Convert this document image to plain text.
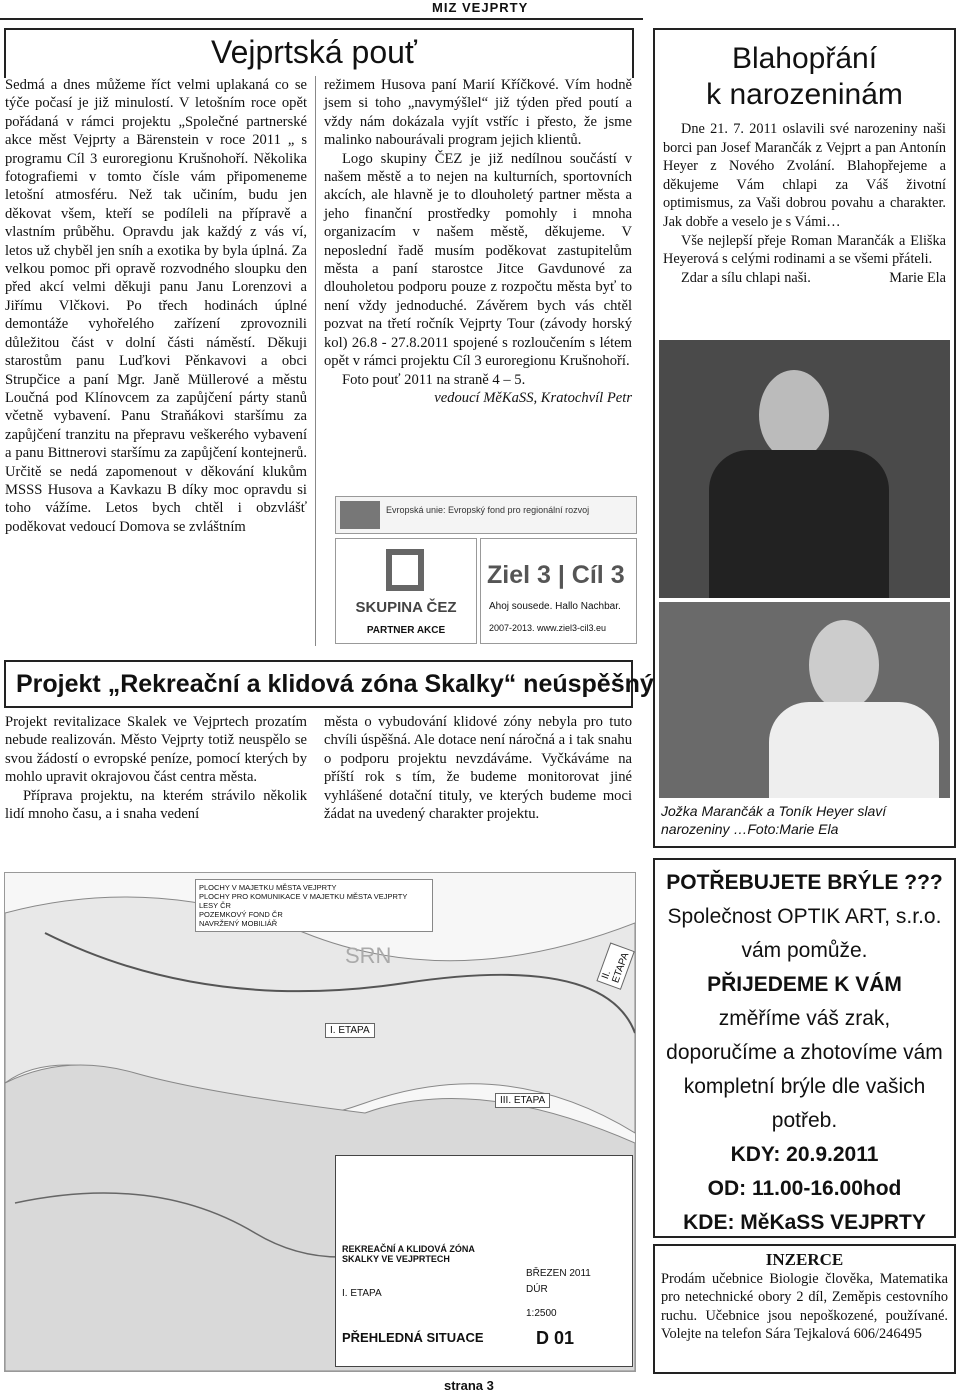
MIZ VEJPRTY
Vejprtská pouť

Sedmá a dnes můžeme říct velmi uplakaná co se týče počasí je již minulostí. V letošním roce opět pořádaná v rámci projektu „Společné partnerské akce měst Vejprty a Bärenstein v roce 2011 „ s programu Cíl 3 euroregionu Krušnohoří. Několika fotografiemi v tomto čísle vám připomeneme letošní atmosféru. Než tak učiním, budu jen děkovat všem, kteří se podíleli na přípravě a vlastním průběhu. Opravdu jak každý z vás ví, letos už chyběl jen sníh a exotika by byla úplná. Za velkou pomoc při opravě rozvodného sloupku den před akcí velmi děkuji panu Janu Lorenzovi a Jiřímu Vlčkovi. Po třech hodinách úplné demontáže vyhořelého zařízení zprovoznili důležitou část v dolní části náměstí. Děkuji starostům panu Luďkovi Pěnkavovi a obci Strupčice a paní Mgr. Janě Müllerové a městu Loučná pod Klínovcem za zapůjčení párty stanů včetně vybavení. Panu Straňákovi staršímu za zapůjčení tranzitu na přepravu veškerého vybavení a panu Bittnerovi staršímu za zapůjčení kontejnerů. Určitě se nedá zapomenout v děkování klukům MSSS Husova a Kavkazu B díky moc opravdu si toho vážíme. Letos bych chtěl i obzvlášť poděkovat vedoucí Domova se zvláštním

režimem Husova paní Marií Kříčkové. Vím hodně jsem si toho „navymýšlel“ již týden před poutí a vždy nám dokázala vyjít vstříc i přesto, že jsme malinko nabourávali program jejich klientů.

Logo skupiny ČEZ je již nedílnou součástí v našem městě a to nejen na kulturních, sportovních akcích, ale hlavně je to dlouholetý partner města a jeho finanční prostředky pomohly i mnoha organizacím v našem městě, děkujeme. V neposlední řadě musím poděkovat zastupitelům města a paní starostce Jitce Gavdunové za dlouholetou podporu pouze z rozpočtu města byť to není vždy jednoduché. Závěrem bych vás chtěl pozvat na třetí ročník Vejprty Tour (závody horský kol) 26.8 - 27.8.2011 spojené s rozloučením s létem opět v rámci projektu Cíl 3 euroregionu Krušnohoří.

Foto pouť 2011 na straně 4 – 5.

vedoucí MěKaSS, Kratochvíl Petr
Evropská unie: Evropský fond pro regionální rozvoj
SKUPINA ČEZ
PARTNER AKCE
Ziel 3 | Cíl 3
Ahoj sousede. Hallo Nachbar.
2007-2013. www.ziel3-cil3.eu
Blahopřání
k narozeninám

Dne 21. 7. 2011 oslavili své narozeniny naši borci pan Josef Marančák z Vejprt a pan Antonín Heyer z Nového Zvolání. Blahopřejeme a děkujeme Vám chlapi za Váš životní optimismus, za Vaši dobrou povahu a charakter. Jak dobře a veselo je s Vámi…

Vše nejlepší přeje Roman Marančák a Eliška Heyerová s celými rodinami a se všemi přáteli.

Zdar a sílu chlapi naši.	Marie Ela
Jožka Marančák a Toník Heyer slaví narozeniny …Foto:Marie Ela
Projekt „Rekreační a klidová zóna Skalky“ neúspěšný

Projekt revitalizace Skalek ve Vejprtech prozatím nebude realizován. Město Vejprty totiž neuspělo se svou žádostí o evropské peníze, pomocí kterých by mohlo upravit okrajovou část centra města.

Příprava projektu, na kterém strávilo několik lidí mnoho času, a i snaha vedení

města o vybudování klidové zóny nebyla pro tuto chvíli úspěšná. Ale dotace není náročná a i tak snahu o podporu projektu nevzdáváme. Vyčkáváme na příští rok s tím, že budeme monitorovat jiné vyhlášené dotační tituly, ve kterých budeme moci žádat na uvedený charakter projektu.

PLOCHY V MAJETKU MĚSTA VEJPRTY
PLOCHY PRO KOMUNIKACE V MAJETKU MĚSTA VEJPRTY
LESY ČR
POZEMKOVÝ FOND ČR
NAVRŽENÝ MOBILIÁŘ
SRN
I. ETAPA
II. ETAPA
III. ETAPA
REKREAČNÍ A KLIDOVÁ ZÓNA SKALKY VE VEJPRTECH
I. ETAPA
BŘEZEN 2011
DÚR
1:2500
PŘEHLEDNÁ SITUACE	D 01
POTŘEBUJETE BRÝLE ???
Společnost OPTIK ART, s.r.o.
vám pomůže.
PŘIJEDEME K VÁM
změříme váš zrak, doporučíme a zhotovíme vám kompletní brýle dle vašich potřeb.
KDY: 20.9.2011
OD: 11.00-16.00hod
KDE: MěKaSS VEJPRTY
INZERCE
Prodám učebnice Biologie člověka, Matematika pro netechnické obory 2 díl, Zeměpis cestovního ruchu. Učebnice jsou nepoškozené, používané. Volejte na telefon Sára Tejkalová 606/246495
strana 3
